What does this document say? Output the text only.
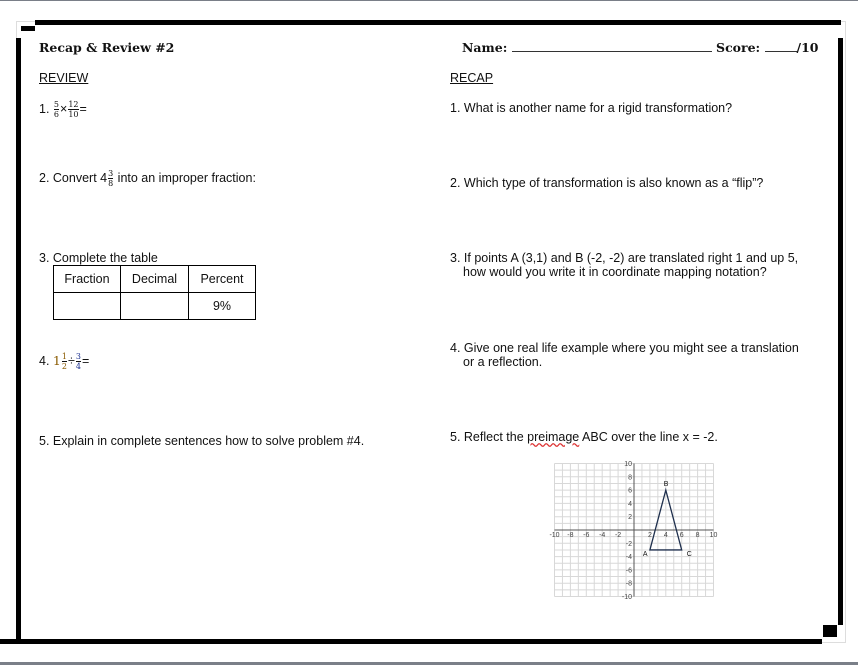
Recap & Review #2	Name:	Score:	/10
REVIEW
1. $\frac{5}{6} \times \frac{12}{10}$ =
2. Convert $4 \frac{3}{8}$ into an improper fraction:
3. Complete the table
Fraction	Decimal	Percent
		9%
4. $1 \frac{1}{2} \div \frac{3}{4}$ =
5. Explain in complete sentences how to solve problem #4.
RECAP
1. What is another name for a rigid transformation?
2. Which type of transformation is also known as a “flip”?
3. If points A (3,1) and B (-2, -2) are translated right 1 and up 5,
how would you write it in coordinate mapping notation?
4. Give one real life example where you might see a translation
or a reflection.
5. Reflect the preimage ABC over the line x = -2.
-10 -8 -6 -4 -2	2 4 6 8 10
10
8
6
4
2
-2
-4
-6
-8
-10
A
B
C
